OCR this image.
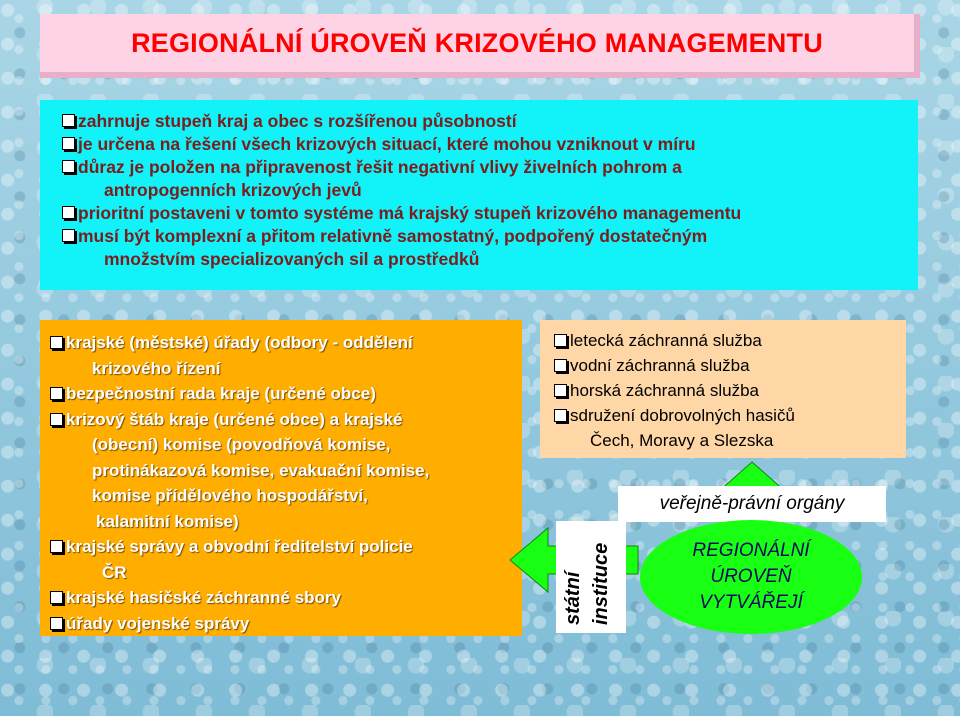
REGIONÁLNÍ ÚROVEŇ KRIZOVÉHO MANAGEMENTU
zahrnuje stupeň kraj a obec s rozšířenou působností
je určena na řešení všech krizových situací, které mohou vzniknout v míru
důraz je položen na připravenost řešit negativní vlivy živelních pohrom a
antropogenních krizových jevů
prioritní postaveni v tomto systéme má krajský stupeň krizového managementu
musí být komplexní a přitom relativně samostatný, podpořený dostatečným
množstvím specializovaných sil a prostředků
krajské (městské) úřady (odbory - oddělení
krizového řízení
bezpečnostní rada kraje (určené obce)
krizový štáb kraje (určené obce) a krajské
(obecní) komise (povodňová komise,
protinákazová komise, evakuační komise,
komise přídělového hospodářství,
kalamitní komise)
krajské správy a obvodní ředitelství policie
ČR
krajské hasičské záchranné sbory
úřady vojenské správy
letecká záchranná služba
vodní záchranná služba
horská záchranná služba
sdružení dobrovolných hasičů
Čech, Moravy a Slezska
státní instituce
veřejně-právní orgány
REGIONÁLNÍ
ÚROVEŇ
VYTVÁŘEJÍ
